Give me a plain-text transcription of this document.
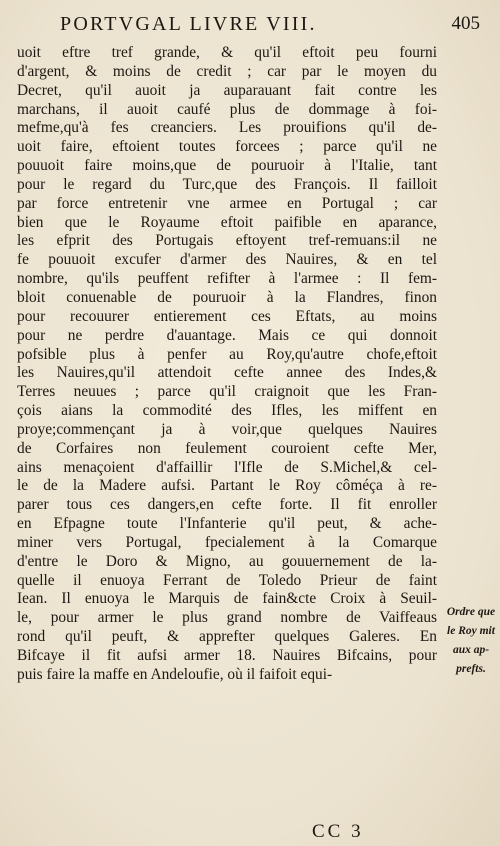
PORTVGAL LIVRE VIII.	405
uoit eftre tref grande, & qu'il eftoit peu fourni
d'argent, & moins de credit ; car par le moyen du
Decret, qu'il auoit ja auparauant fait contre les
marchans, il auoit caufé plus de dommage à foi-
mefme,qu'à fes creanciers. Les prouifions qu'il de-
uoit faire, eftoient toutes forcees ; parce qu'il ne
pouuoit faire moins,que de pouruoir à l'Italie, tant
pour le regard du Turc,que des François. Il failloit
par force entretenir vne armee en Portugal ; car
bien que le Royaume eftoit paifible en aparance,
les efprit des Portugais eftoyent tref-remuans:il ne
fe pouuoit excufer d'armer des Nauires, & en tel
nombre, qu'ils peuffent refifter à l'armee : Il fem-
bloit conuenable de pouruoir à la Flandres, finon
pour recouurer entierement ces Eftats, au moins
pour ne perdre d'auantage. Mais ce qui donnoit
pofsible plus à penfer au Roy,qu'autre chofe,eftoit
les Nauires,qu'il attendoit cefte annee des Indes,&
Terres neuues ; parce qu'il craignoit que les Fran-
çois aians la commodité des Ifles, les miffent en
proye;commençant ja à voir,que quelques Nauires
de Corfaires non feulement couroient cefte Mer,
ains menaçoient d'affaillir l'Ifle de S.Michel,& cel-
le de la Madere aufsi. Partant le Roy côméça à re-
parer tous ces dangers,en cefte forte. Il fit enroller
en Efpagne toute l'Infanterie qu'il peut, & ache-
miner vers Portugal, fpecialement à la Comarque
d'entre le Doro & Migno, au gouuernement de la-
quelle il enuoya Ferrant de Toledo Prieur de faint
Iean. Il enuoya le Marquis de fain&cte Croix à Seuil-
le, pour armer le plus grand nombre de Vaiffeaus
rond qu'il peuft, & apprefter quelques Galeres. En
Bifcaye il fit aufsi armer 18. Nauires Bifcains, pour
puis faire la maffe en Andeloufie, où il faifoit equi-
Ordre que
le Roy mit
aux ap-
prefts.
CC 3
